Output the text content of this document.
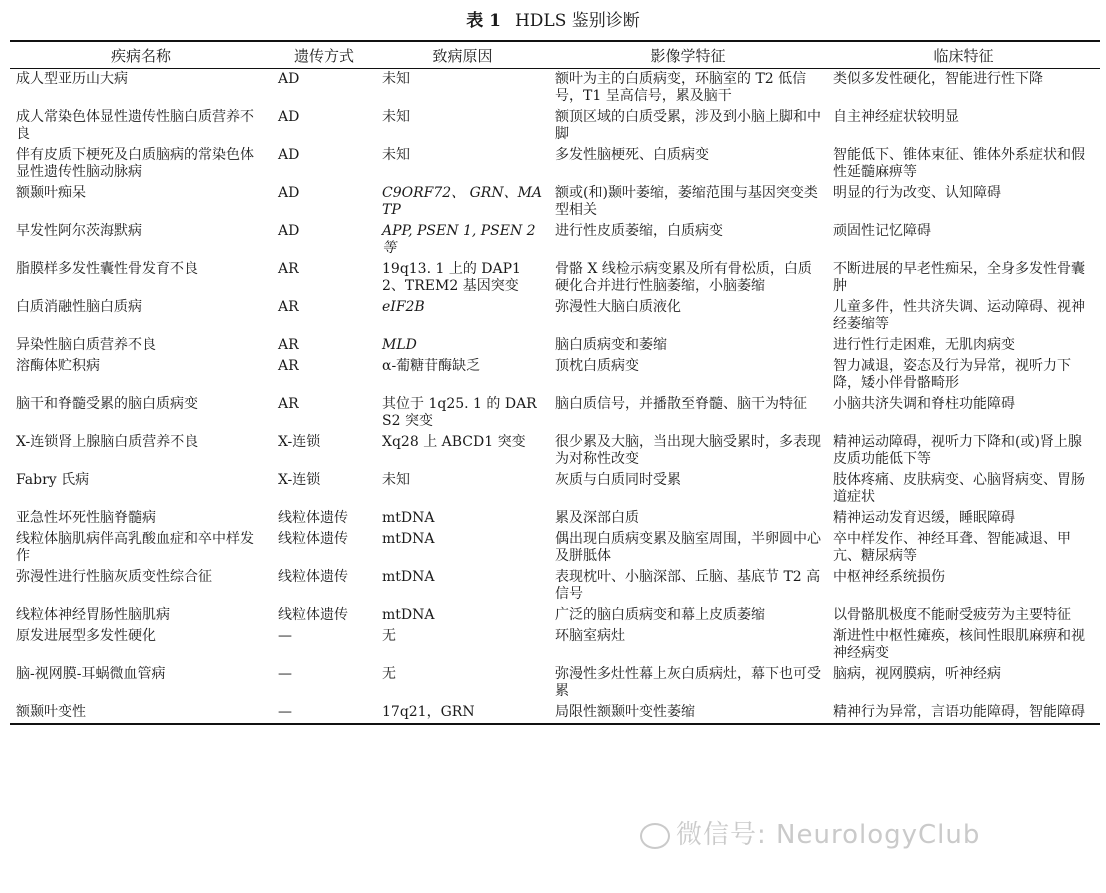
表 1 HDLS 鉴别诊断
疾病名称	遗传方式	致病原因	影像学特征	临床特征
成人型亚历山大病	AD	未知	额叶为主的白质病变，环脑室的 T2 低信号，T1 呈高信号，累及脑干	类似多发性硬化，智能进行性下降
成人常染色体显性遗传性脑白质营养不良	AD	未知	额顶区域的白质受累，涉及到小脑上脚和中脚	自主神经症状较明显
伴有皮质下梗死及白质脑病的常染色体显性遗传性脑动脉病	AD	未知	多发性脑梗死、白质病变	智能低下、锥体束征、锥体外系症状和假性延髓麻痹等
额颞叶痴呆	AD	C9ORF72、 GRN、MATP	额或(和)颞叶萎缩，萎缩范围与基因突变类型相关	明显的行为改变、认知障碍
早发性阿尔茨海默病	AD	APP, PSEN 1, PSEN 2 等	进行性皮质萎缩，白质病变	顽固性记忆障碍
脂膜样多发性囊性骨发育不良	AR	19q13. 1 上的 DAP12、TREM2 基因突变	骨骼 X 线检示病变累及所有骨松质，白质硬化合并进行性脑萎缩，小脑萎缩	不断进展的早老性痴呆，全身多发性骨囊肿
白质消融性脑白质病	AR	eIF2B	弥漫性大脑白质液化	儿童多件，性共济失调、运动障碍、视神经萎缩等
异染性脑白质营养不良	AR	MLD	脑白质病变和萎缩	进行性行走困难，无肌肉病变
溶酶体贮积病	AR	α-葡糖苷酶缺乏	顶枕白质病变	智力减退，姿态及行为异常，视听力下降，矮小伴骨骼畸形
脑干和脊髓受累的脑白质病变	AR	其位于 1q25. 1 的 DARS2 突变	脑白质信号，并播散至脊髓、脑干为特征	小脑共济失调和脊柱功能障碍
X-连锁肾上腺脑白质营养不良	X-连锁	Xq28 上 ABCD1 突变	很少累及大脑，当出现大脑受累时，多表现为对称性改变	精神运动障碍，视听力下降和(或)肾上腺皮质功能低下等
Fabry 氏病	X-连锁	未知	灰质与白质同时受累	肢体疼痛、皮肤病变、心脑肾病变、胃肠道症状
亚急性坏死性脑脊髓病	线粒体遗传	mtDNA	累及深部白质	精神运动发育迟缓，睡眠障碍
线粒体脑肌病伴高乳酸血症和卒中样发作	线粒体遗传	mtDNA	偶出现白质病变累及脑室周围，半卵圆中心及胼胝体	卒中样发作、神经耳聋、智能减退、甲亢、糖尿病等
弥漫性进行性脑灰质变性综合征	线粒体遗传	mtDNA	表现枕叶、小脑深部、丘脑、基底节 T2 高信号	中枢神经系统损伤
线粒体神经胃肠性脑肌病	线粒体遗传	mtDNA	广泛的脑白质病变和幕上皮质萎缩	以骨骼肌极度不能耐受疲劳为主要特征
原发进展型多发性硬化	—	无	环脑室病灶	渐进性中枢性瘫痪，核间性眼肌麻痹和视神经病变
脑-视网膜-耳蜗微血管病	—	无	弥漫性多灶性幕上灰白质病灶，幕下也可受累	脑病，视网膜病，听神经病
额颞叶变性	—	17q21，GRN	局限性额颞叶变性萎缩	精神行为异常，言语功能障碍，智能障碍
微信号: NeurologyClub
